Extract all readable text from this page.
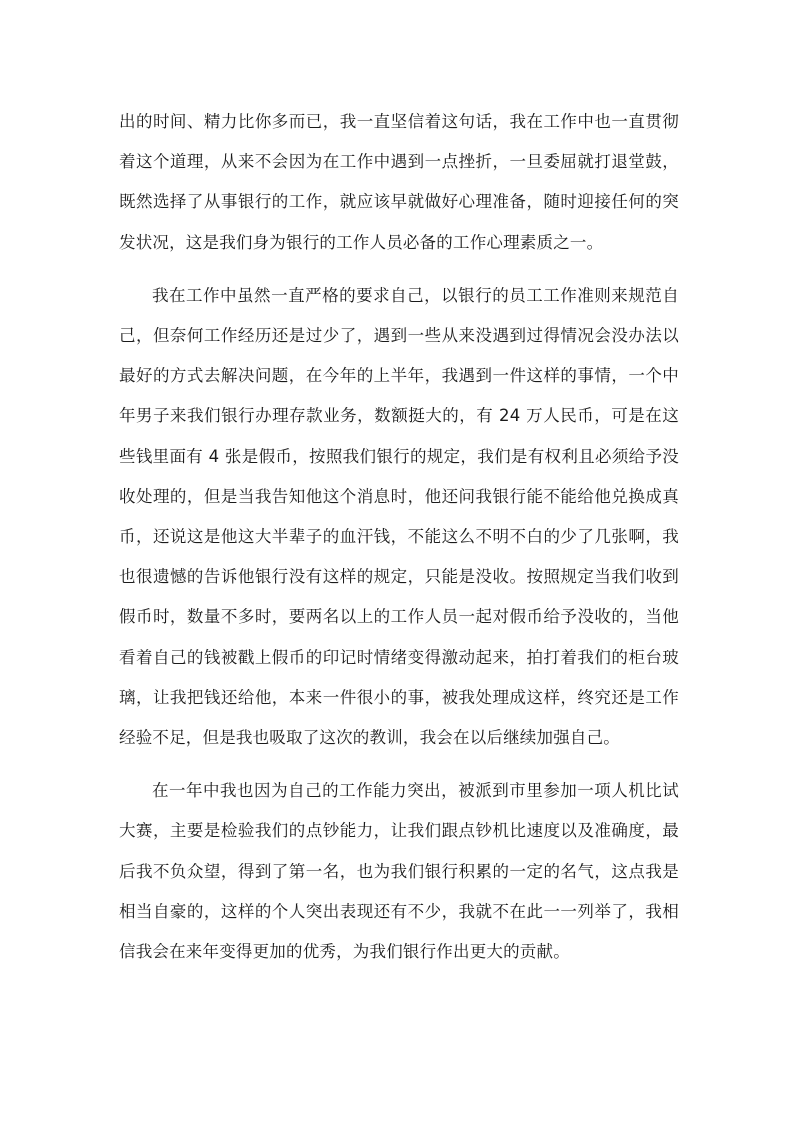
出的时间、精力比你多而已，我一直坚信着这句话，我在工作中也一直贯彻着这个道理，从来不会因为在工作中遇到一点挫折，一旦委屈就打退堂鼓，既然选择了从事银行的工作，就应该早就做好心理准备，随时迎接任何的突发状况，这是我们身为银行的工作人员必备的工作心理素质之一。

我在工作中虽然一直严格的要求自己，以银行的员工工作准则来规范自己，但奈何工作经历还是过少了，遇到一些从来没遇到过得情况会没办法以最好的方式去解决问题，在今年的上半年，我遇到一件这样的事情，一个中年男子来我们银行办理存款业务，数额挺大的，有 24 万人民币，可是在这些钱里面有 4 张是假币，按照我们银行的规定，我们是有权利且必须给予没收处理的，但是当我告知他这个消息时，他还问我银行能不能给他兑换成真币，还说这是他这大半辈子的血汗钱，不能这么不明不白的少了几张啊，我也很遗憾的告诉他银行没有这样的规定，只能是没收。按照规定当我们收到假币时，数量不多时，要两名以上的工作人员一起对假币给予没收的，当他看着自己的钱被戳上假币的印记时情绪变得激动起来，拍打着我们的柜台玻璃，让我把钱还给他，本来一件很小的事，被我处理成这样，终究还是工作经验不足，但是我也吸取了这次的教训，我会在以后继续加强自己。

在一年中我也因为自己的工作能力突出，被派到市里参加一项人机比试大赛，主要是检验我们的点钞能力，让我们跟点钞机比速度以及准确度，最后我不负众望，得到了第一名，也为我们银行积累的一定的名气，这点我是相当自豪的，这样的个人突出表现还有不少，我就不在此一一列举了，我相信我会在来年变得更加的优秀，为我们银行作出更大的贡献。
